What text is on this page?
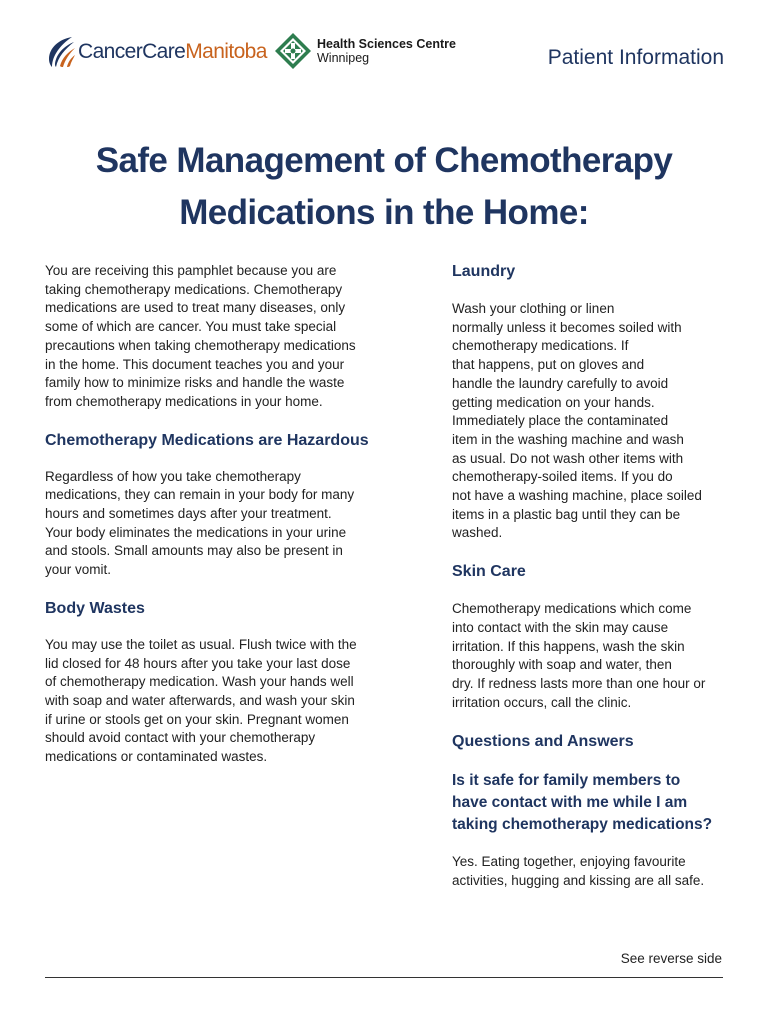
CancerCareManitoba	Health Sciences Centre
Winnipeg	Patient Information
Safe Management of Chemotherapy
Medications in the Home:

You are receiving this pamphlet because you are
taking chemotherapy medications. Chemotherapy
medications are used to treat many diseases, only
some of which are cancer. You must take special
precautions when taking chemotherapy medications
in the home. This document teaches you and your
family how to minimize risks and handle the waste
from chemotherapy medications in your home.

Chemotherapy Medications are Hazardous

Regardless of how you take chemotherapy
medications, they can remain in your body for many
hours and sometimes days after your treatment.
Your body eliminates the medications in your urine
and stools. Small amounts may also be present in
your vomit.

Body Wastes

You may use the toilet as usual. Flush twice with the
lid closed for 48 hours after you take your last dose
of chemotherapy medication. Wash your hands well
with soap and water afterwards, and wash your skin
if urine or stools get on your skin. Pregnant women
should avoid contact with your chemotherapy
medications or contaminated wastes.

Laundry

Wash your clothing or linen
normally unless it becomes soiled with
chemotherapy medications. If
that happens, put on gloves and
handle the laundry carefully to avoid
getting medication on your hands.
Immediately place the contaminated
item in the washing machine and wash
as usual. Do not wash other items with
chemotherapy-soiled items. If you do
not have a washing machine, place soiled
items in a plastic bag until they can be
washed.

Skin Care

Chemotherapy medications which come
into contact with the skin may cause
irritation. If this happens, wash the skin
thoroughly with soap and water, then
dry. If redness lasts more than one hour or
irritation occurs, call the clinic.

Questions and Answers
Is it safe for family members to
have contact with me while I am
taking chemotherapy medications?

Yes. Eating together, enjoying favourite
activities, hugging and kissing are all safe.

See reverse side
